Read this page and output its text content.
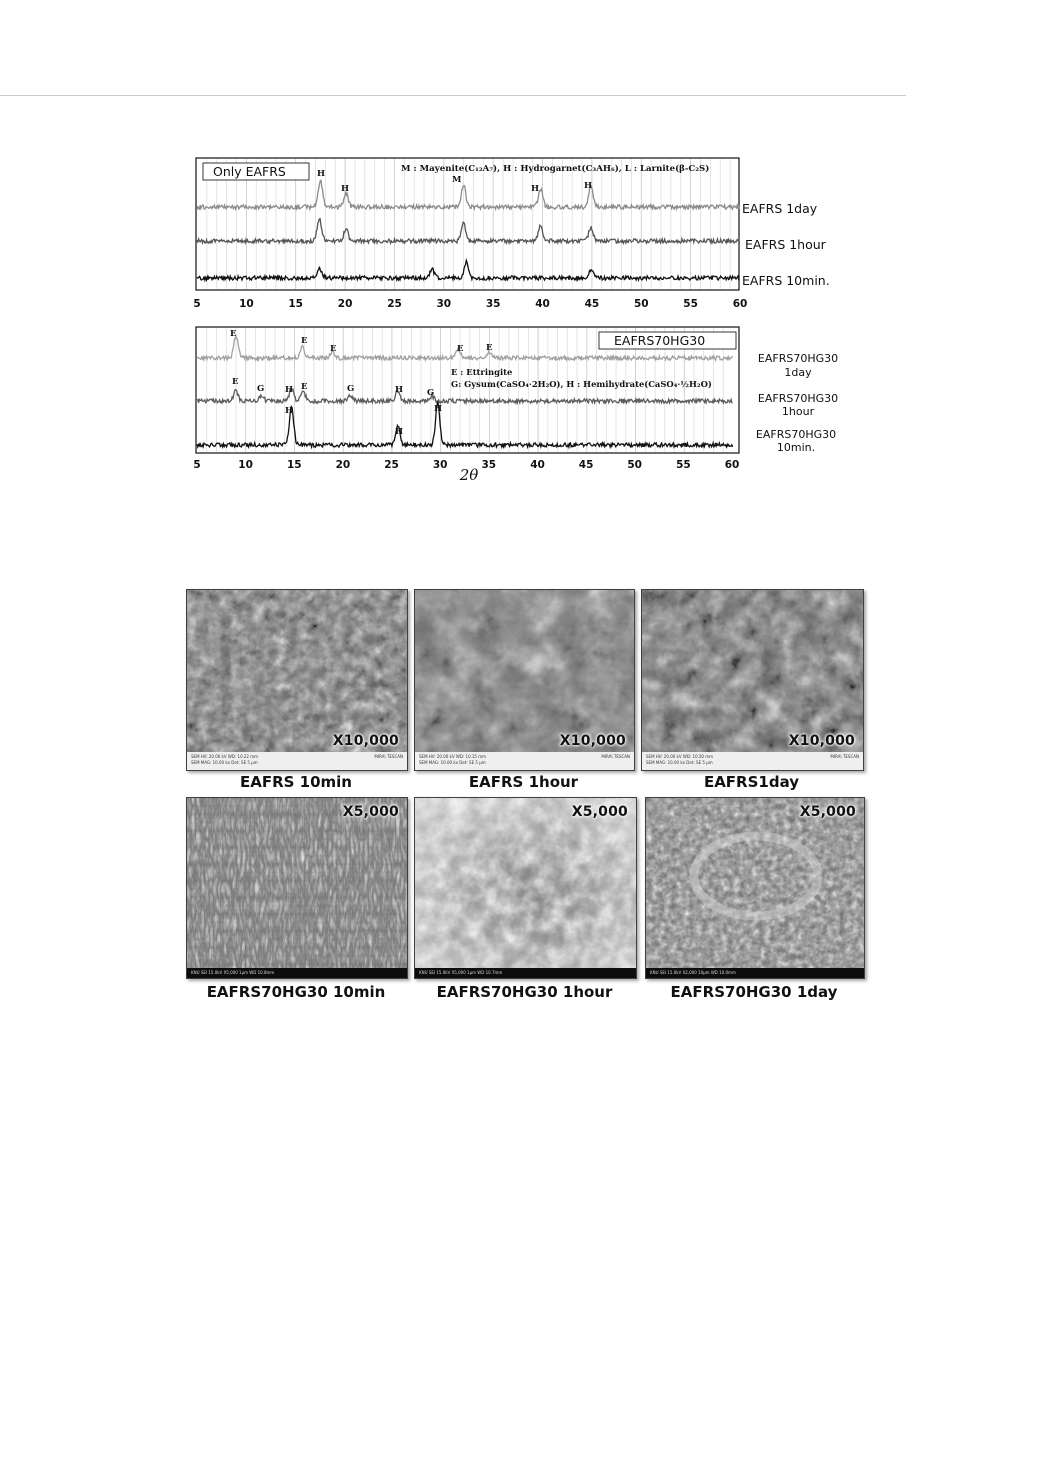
Only EAFRS	M : Mayenite(C₁₂A₇), H : Hydrogarnet(C₃AH₆), L : Larnite(β-C₂S)
H
H
M
H	H
EAFRS 1day
EAFRS 1hour
EAFRS 10min.
5	10	15	20	25	30	35	40	45	50	55	60
EAFRS70HG30
E : Ettringite
G: Gysum(CaSO₄·2H₂O), H : Hemihydrate(CaSO₄·½H₂O)
E
E
E	E	E
E
G H E	G	H	G
H
H
H
EAFRS70HG30
1day
EAFRS70HG30
1hour
EAFRS70HG30
10min.
5	10	15	20	25	30	35	40	45	50	55	60
2θ
X10,000
SEM HV: 20.00 kV WD: 10.22 mm
SEM MAG: 10.00 kx Det: SE 5 μm
MIRA\ TESCAN
EAFRS 10min
X10,000
SEM HV: 20.00 kV WD: 10.15 mm
SEM MAG: 10.00 kx Det: SE 5 μm
MIRA\ TESCAN
EAFRS 1hour
X10,000
SEM HV: 20.00 kV WD: 10.50 mm
SEM MAG: 10.00 kx Det: SE 5 μm
MIRA\ TESCAN
EAFRS1day
X5,000
KNU SEI 15.0kV X5,000 1μm WD 10.8mm
EAFRS70HG30 10min
X5,000
KNU SEI 15.0kV X5,000 1μm WD 10.7mm
EAFRS70HG30 1hour
X5,000
KNU SEI 15.0kV X2,000 10μm WD 10.0mm
EAFRS70HG30 1day
